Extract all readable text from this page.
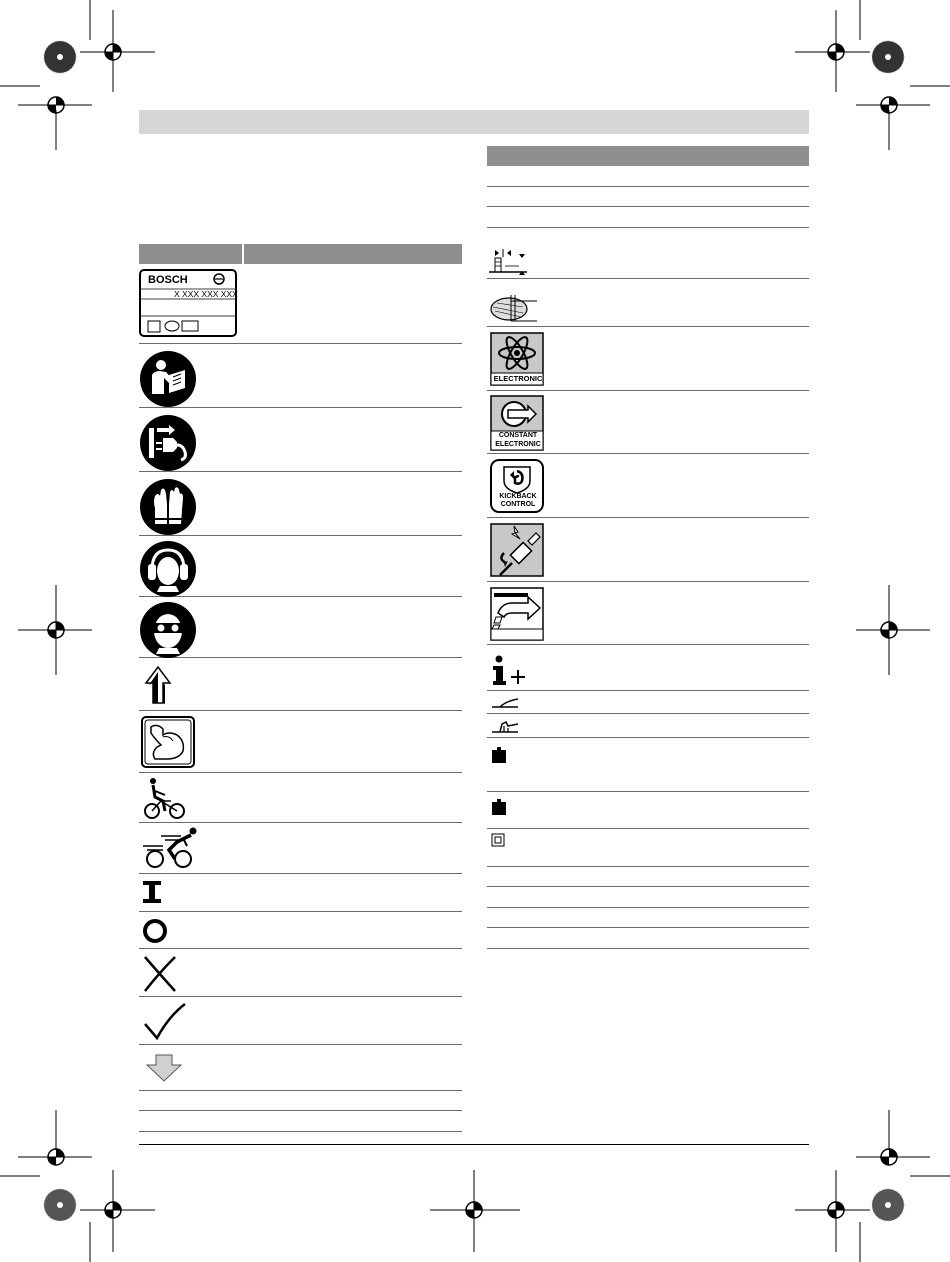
BOSCH
X XXX XXX XXX
ELECTRONIC
CONSTANT
ELECTRONIC
KICKBACK
CONTROL
